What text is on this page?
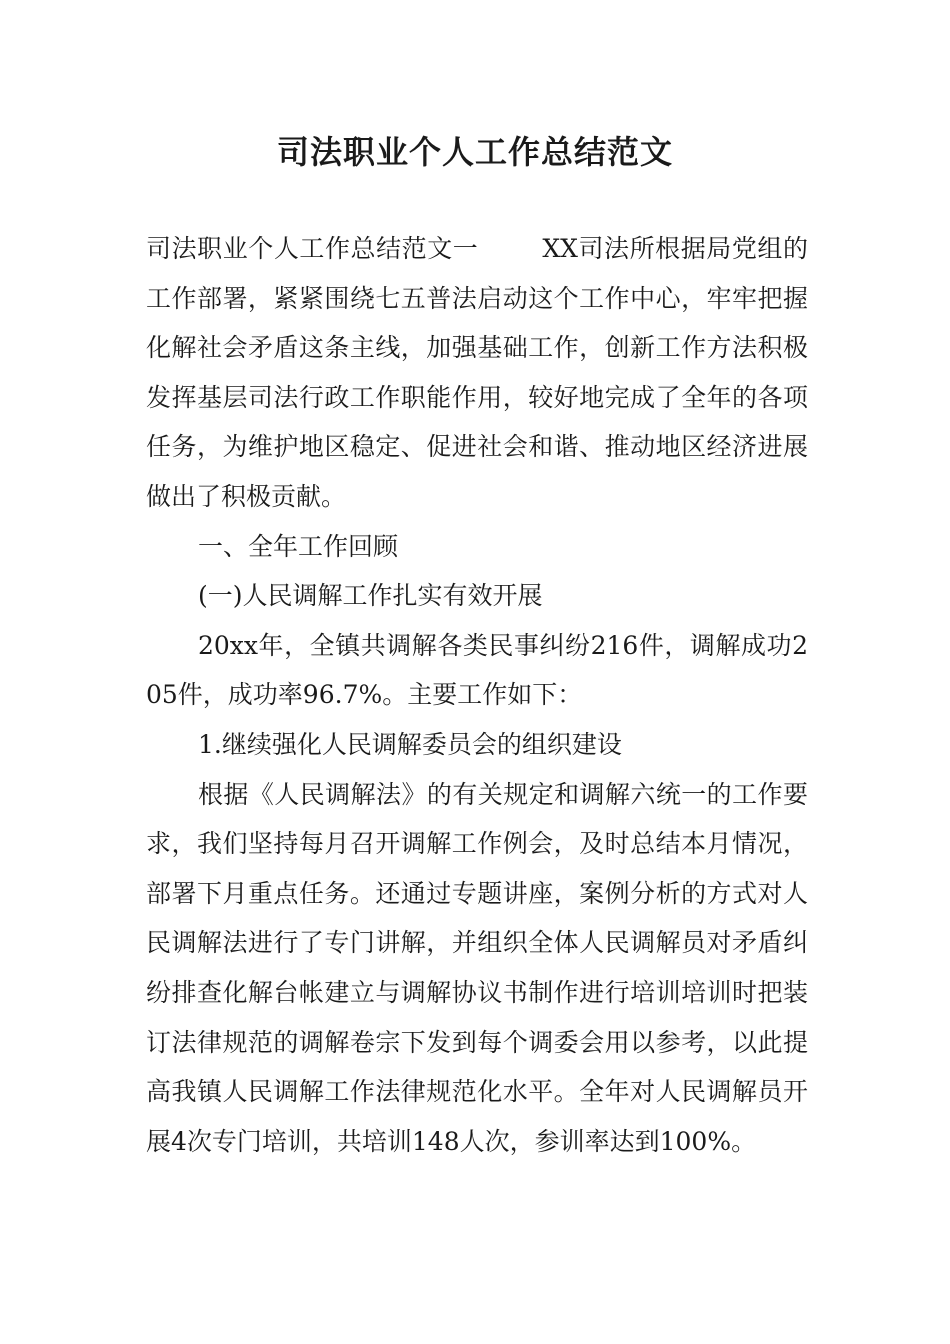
司法职业个人工作总结范文

司法职业个人工作总结范文一	XX司法所根据局党组的工作部署，紧紧围绕七五普法启动这个工作中心，牢牢把握化解社会矛盾这条主线，加强基础工作，创新工作方法积极发挥基层司法行政工作职能作用，较好地完成了全年的各项任务，为维护地区稳定、促进社会和谐、推动地区经济进展做出了积极贡献。

一、全年工作回顾

(一)人民调解工作扎实有效开展

20xx年，全镇共调解各类民事纠纷216件，调解成功205件，成功率96.7%。主要工作如下：

1.继续强化人民调解委员会的组织建设

根据《人民调解法》的有关规定和调解六统一的工作要求，我们坚持每月召开调解工作例会，及时总结本月情况，部署下月重点任务。还通过专题讲座，案例分析的方式对人民调解法进行了专门讲解，并组织全体人民调解员对矛盾纠纷排查化解台帐建立与调解协议书制作进行培训培训时把装订法律规范的调解卷宗下发到每个调委会用以参考，以此提高我镇人民调解工作法律规范化水平。全年对人民调解员开展4次专门培训，共培训148人次，参训率达到100%。
